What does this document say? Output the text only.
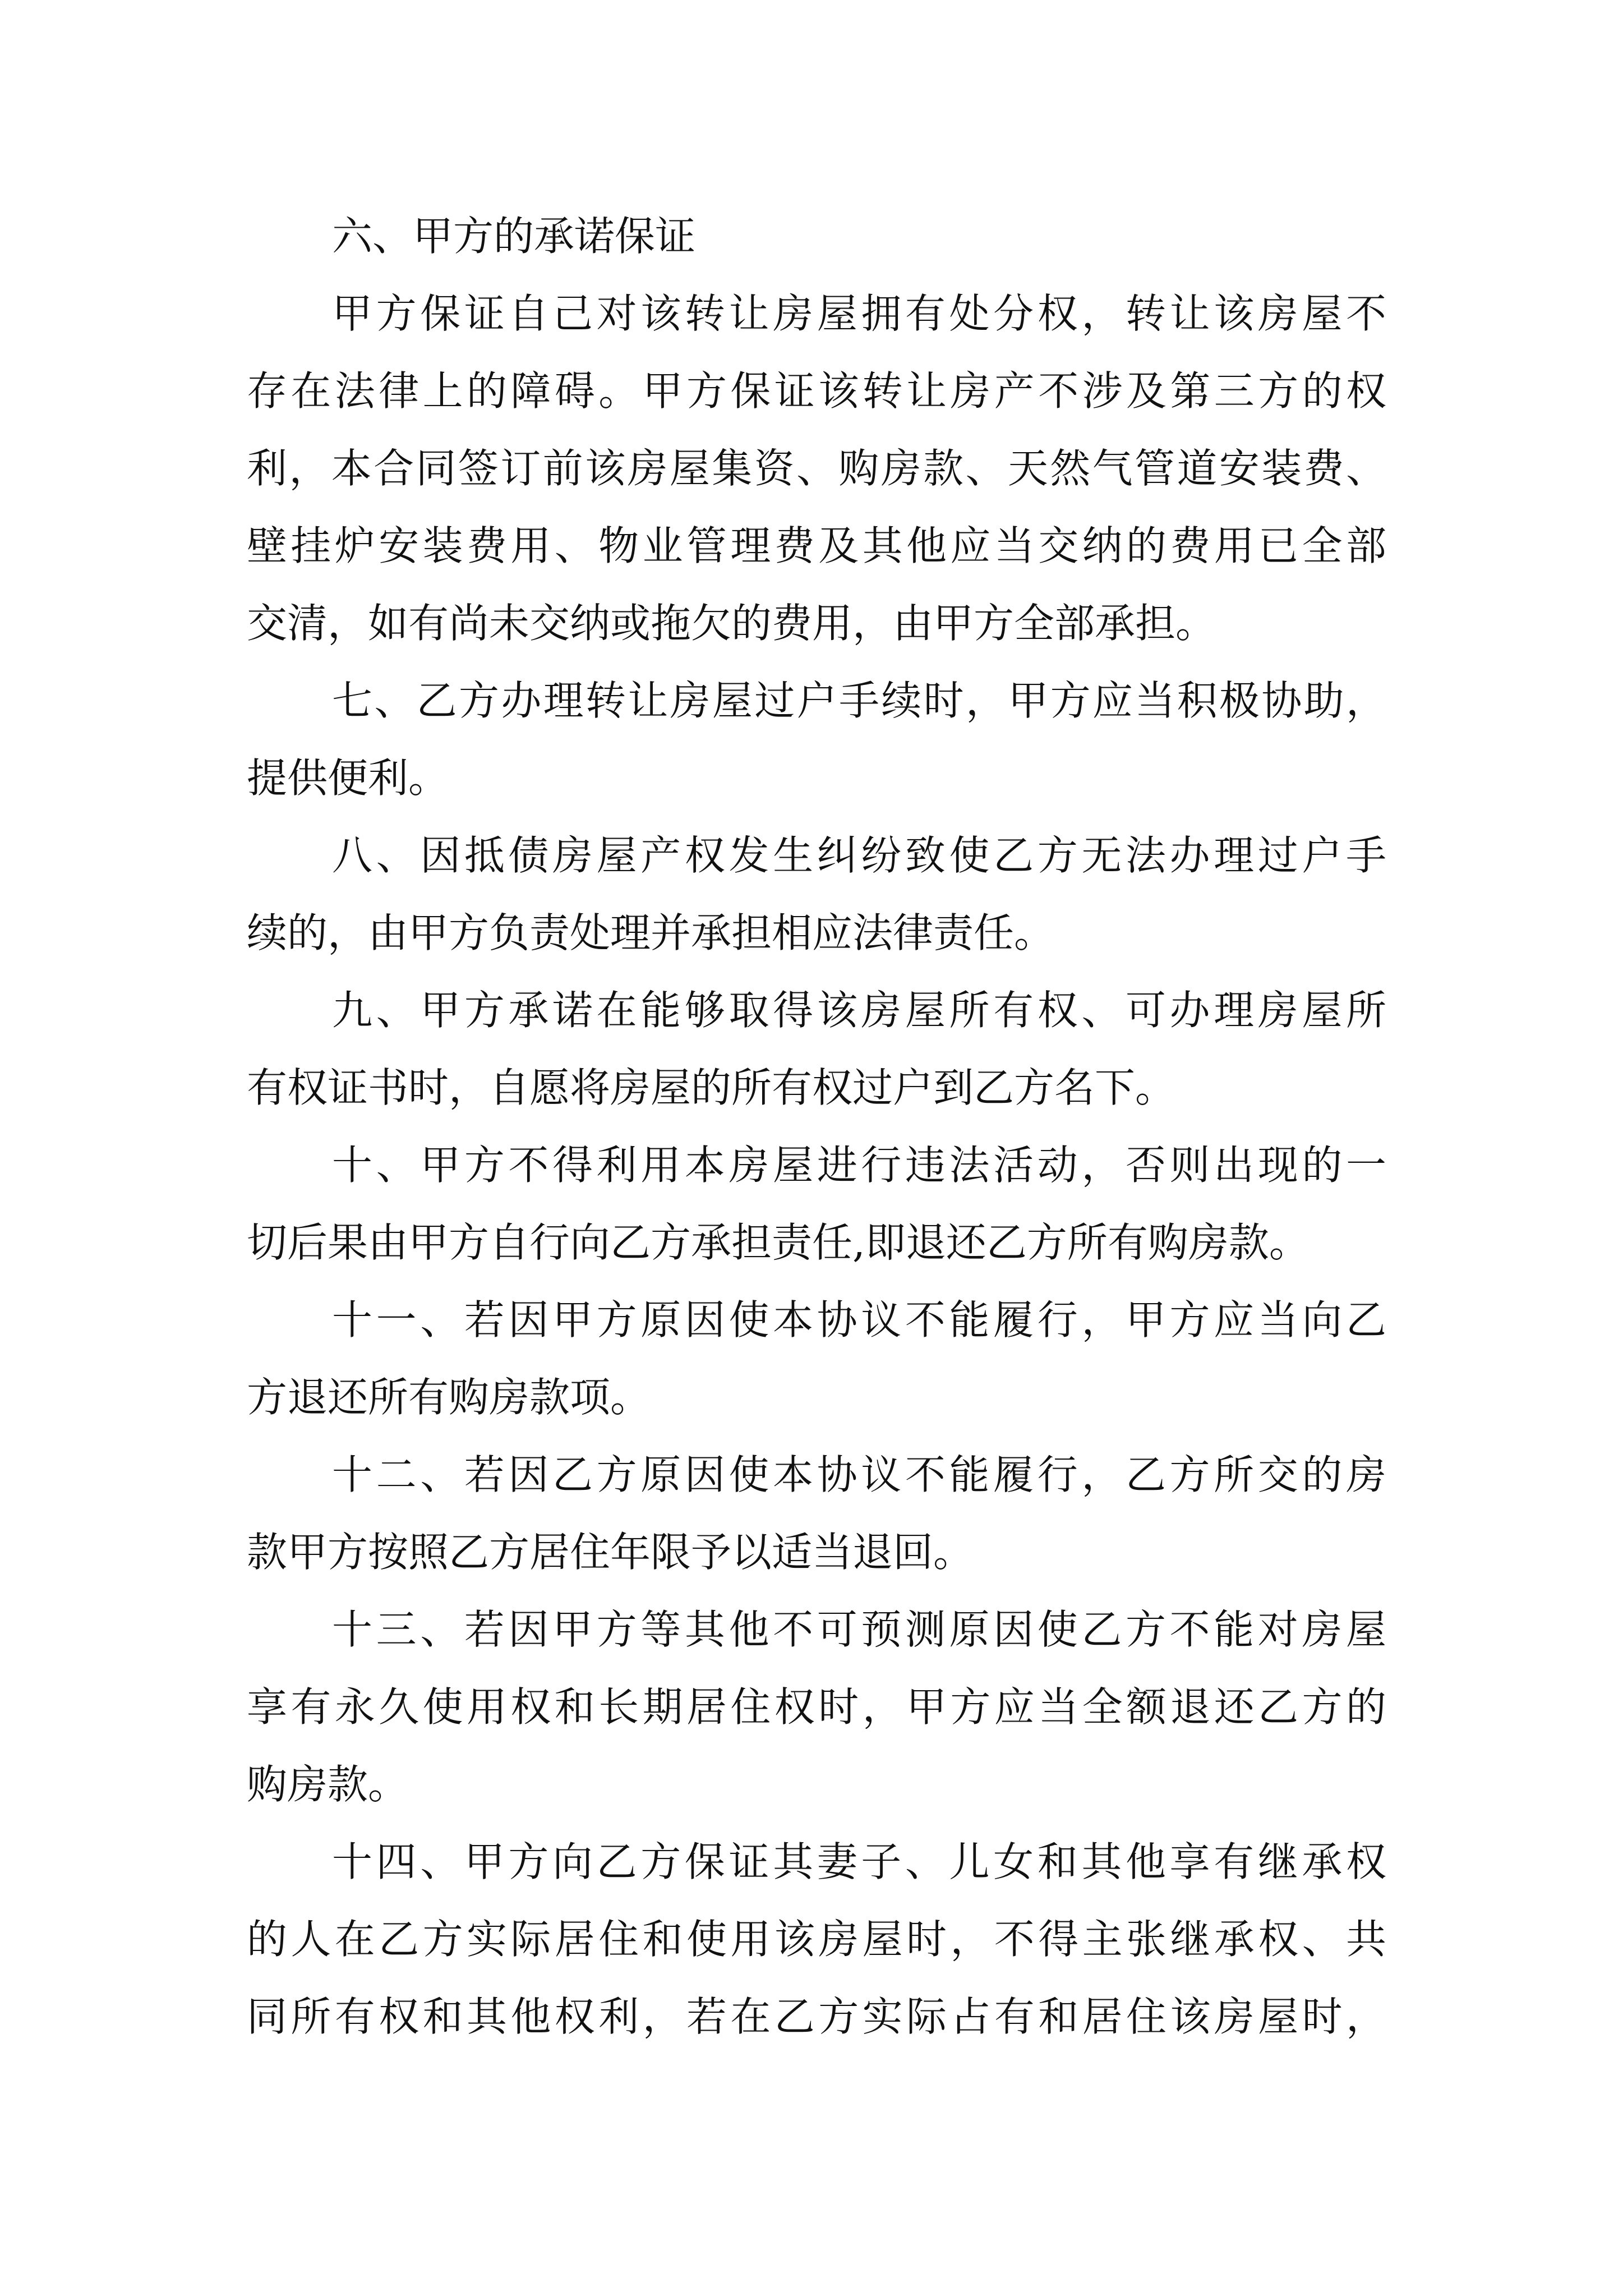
六、甲方的承诺保证
甲方保证自己对该转让房屋拥有处分权，转让该房屋不
存在法律上的障碍。甲方保证该转让房产不涉及第三方的权
利，本合同签订前该房屋集资、购房款、天然气管道安装费、
壁挂炉安装费用、物业管理费及其他应当交纳的费用已全部
交清，如有尚未交纳或拖欠的费用，由甲方全部承担。
七、乙方办理转让房屋过户手续时，甲方应当积极协助，
提供便利。
八、因抵债房屋产权发生纠纷致使乙方无法办理过户手
续的，由甲方负责处理并承担相应法律责任。
九、甲方承诺在能够取得该房屋所有权、可办理房屋所
有权证书时，自愿将房屋的所有权过户到乙方名下。
十、甲方不得利用本房屋进行违法活动，否则出现的一
切后果由甲方自行向乙方承担责任,即退还乙方所有购房款。
十一、若因甲方原因使本协议不能履行，甲方应当向乙
方退还所有购房款项。
十二、若因乙方原因使本协议不能履行，乙方所交的房
款甲方按照乙方居住年限予以适当退回。
十三、若因甲方等其他不可预测原因使乙方不能对房屋
享有永久使用权和长期居住权时，甲方应当全额退还乙方的
购房款。
十四、甲方向乙方保证其妻子、儿女和其他享有继承权
的人在乙方实际居住和使用该房屋时，不得主张继承权、共
同所有权和其他权利，若在乙方实际占有和居住该房屋时，
